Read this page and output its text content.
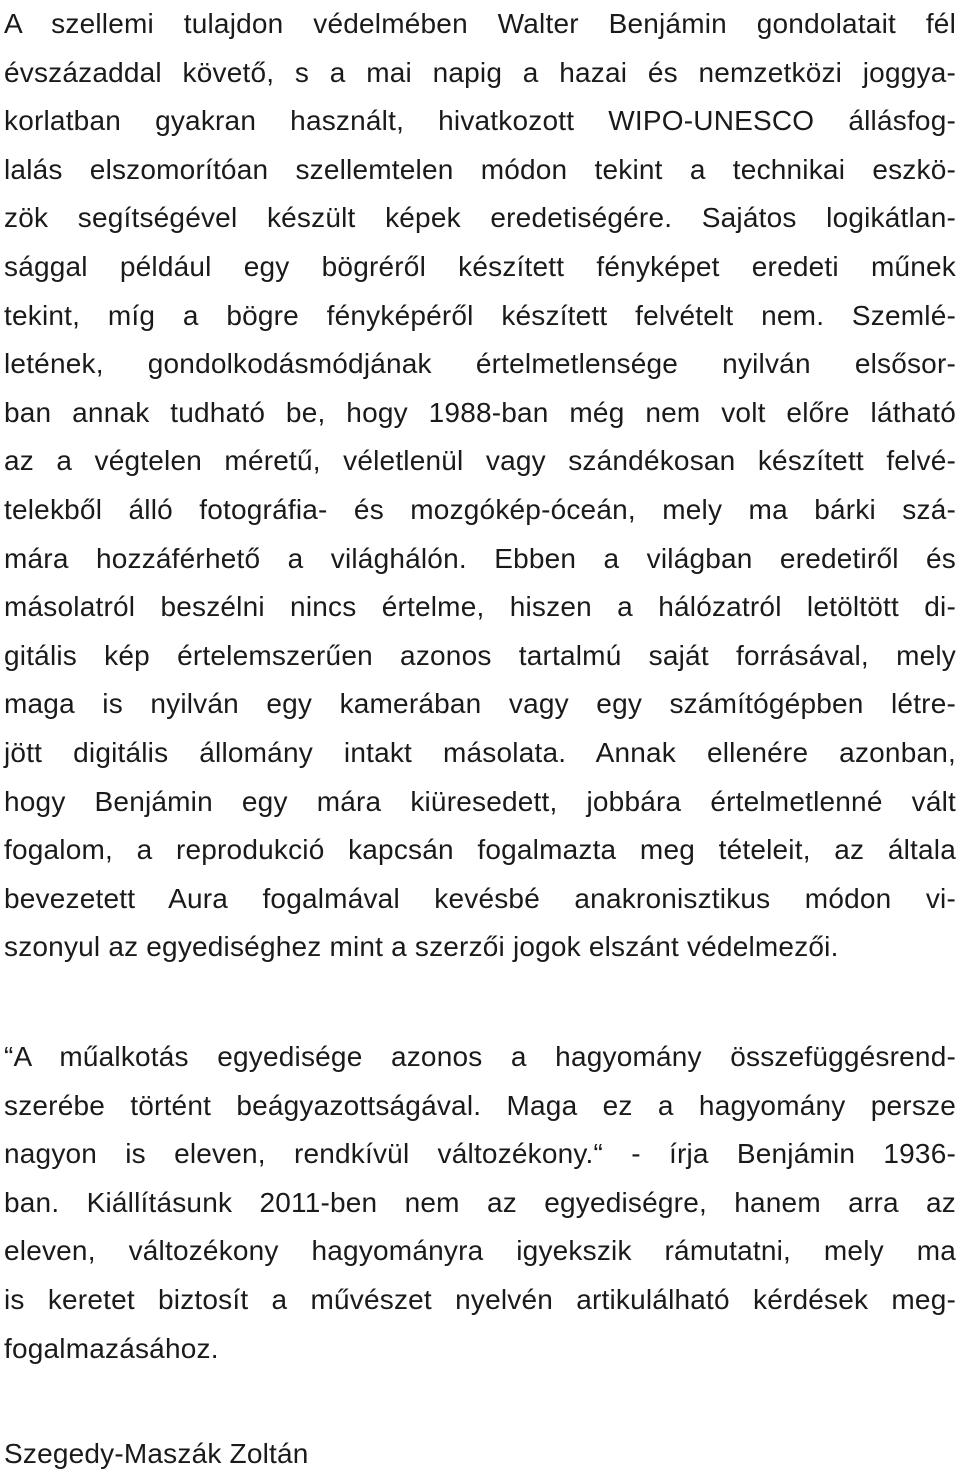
A szellemi tulajdon védelmében Walter Benjámin gondolatait fél
évszázaddal követő, s a mai napig a hazai és nemzetközi joggya-
korlatban gyakran használt, hivatkozott WIPO-UNESCO állásfog-
lalás elszomorítóan szellemtelen módon tekint a technikai eszkö-
zök segítségével készült képek eredetiségére. Sajátos logikátlan-
sággal például egy bögréről készített fényképet eredeti műnek
tekint, míg a bögre fényképéről készített felvételt nem. Szemlé-
letének, gondolkodásmódjának értelmetlensége nyilván elsősor-
ban annak tudható be, hogy 1988-ban még nem volt előre látható
az a végtelen méretű, véletlenül vagy szándékosan készített felvé-
telekből álló fotográfia- és mozgókép-óceán, mely ma bárki szá-
mára hozzáférhető a világhálón. Ebben a világban eredetiről és
másolatról beszélni nincs értelme, hiszen a hálózatról letöltött di-
gitális kép értelemszerűen azonos tartalmú saját forrásával, mely
maga is nyilván egy kamerában vagy egy számítógépben létre-
jött digitális állomány intakt másolata. Annak ellenére azonban,
hogy Benjámin egy mára kiüresedett, jobbára értelmetlenné vált
fogalom, a reprodukció kapcsán fogalmazta meg tételeit, az általa
bevezetett Aura fogalmával kevésbé anakronisztikus módon vi-
szonyul az egyediséghez mint a szerzői jogok elszánt védelmezői.
“A műalkotás egyedisége azonos a hagyomány összefüggésrend-
szerébe történt beágyazottságával. Maga ez a hagyomány persze
nagyon is eleven, rendkívül változékony.“ - írja Benjámin 1936-
ban. Kiállításunk 2011-ben nem az egyediségre, hanem arra az
eleven, változékony hagyományra igyekszik rámutatni, mely ma
is keretet biztosít a művészet nyelvén artikulálható kérdések meg-
fogalmazásához.
Szegedy-Maszák Zoltán
